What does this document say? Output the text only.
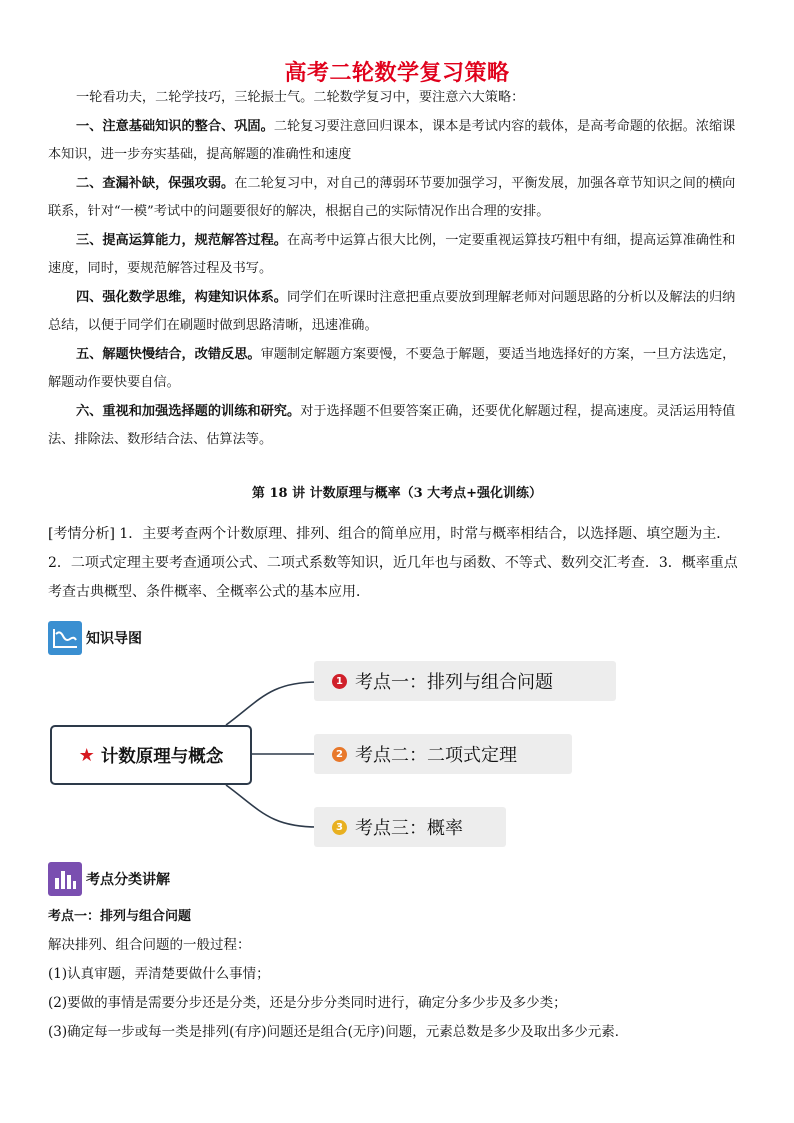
高考二轮数学复习策略

一轮看功夫，二轮学技巧，三轮振士气。二轮数学复习中，要注意六大策略：

一、注意基础知识的整合、巩固。二轮复习要注意回归课本，课本是考试内容的载体，是高考命题的依据。浓缩课本知识，进一步夯实基础，提高解题的准确性和速度

二、查漏补缺，保强攻弱。在二轮复习中，对自己的薄弱环节要加强学习，平衡发展，加强各章节知识之间的横向联系，针对“一模”考试中的问题要很好的解决，根据自己的实际情况作出合理的安排。

三、提高运算能力，规范解答过程。在高考中运算占很大比例，一定要重视运算技巧粗中有细，提高运算准确性和速度，同时，要规范解答过程及书写。

四、强化数学思维，构建知识体系。同学们在听课时注意把重点要放到理解老师对问题思路的分析以及解法的归纳总结，以便于同学们在刷题时做到思路清晰，迅速准确。

五、解题快慢结合，改错反思。审题制定解题方案要慢，不要急于解题，要适当地选择好的方案，一旦方法选定，解题动作要快要自信。

六、重视和加强选择题的训练和研究。对于选择题不但要答案正确，还要优化解题过程，提高速度。灵活运用特值法、排除法、数形结合法、估算法等。

第 18 讲 计数原理与概率（3 大考点+强化训练）
[考情分析] 1．主要考查两个计数原理、排列、组合的简单应用，时常与概率相结合，以选择题、填空题为主．2．二项式定理主要考查通项公式、二项式系数等知识，近几年也与函数、不等式、数列交汇考查．3．概率重点考查古典概型、条件概率、全概率公式的基本应用．
知识导图
★ 计数原理与概念
1 考点一：排列与组合问题
2 考点二：二项式定理
3 考点三：概率
考点分类讲解
考点一：排列与组合问题
解决排列、组合问题的一般过程：
(1)认真审题，弄清楚要做什么事情；
(2)要做的事情是需要分步还是分类，还是分步分类同时进行，确定分多少步及多少类；
(3)确定每一步或每一类是排列(有序)问题还是组合(无序)问题，元素总数是多少及取出多少元素．
